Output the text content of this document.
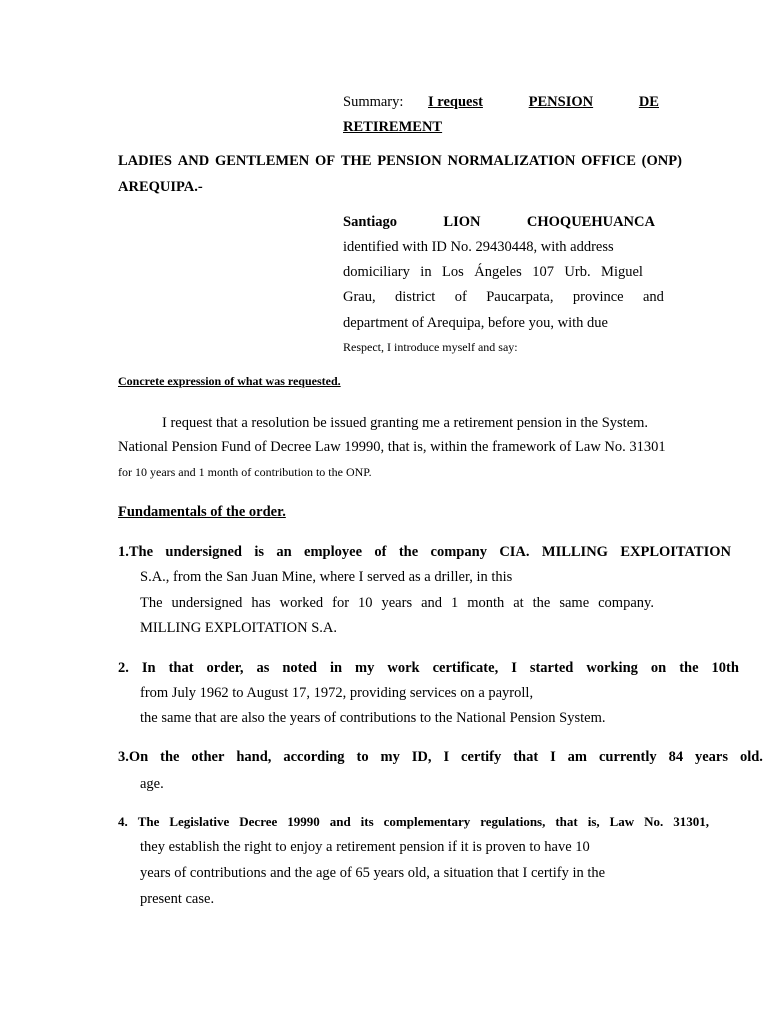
Summary: I request	PENSION	DE
RETIREMENT
LADIES AND GENTLEMEN OF THE PENSION NORMALIZATION OFFICE (ONP)
AREQUIPA.-
Santiago	LION	CHOQUEHUANCA
identified with ID No. 29430448, with address
domiciliary in Los Ángeles 107 Urb. Miguel
Grau, district of Paucarpata, province and
department of Arequipa, before you, with due
Respect, I introduce myself and say:
Concrete expression of what was requested.
I request that a resolution be issued granting me a retirement pension in the System.
National Pension Fund of Decree Law 19990, that is, within the framework of Law No. 31301
for 10 years and 1 month of contribution to the ONP.
Fundamentals of the order.
1.The undersigned is an employee of the company CIA. MILLING EXPLOITATION
S.A., from the San Juan Mine, where I served as a driller, in this
The undersigned has worked for 10 years and 1 month at the same company.
MILLING EXPLOITATION S.A.
2. In that order, as noted in my work certificate, I started working on the 10th
from July 1962 to August 17, 1972, providing services on a payroll,
the same that are also the years of contributions to the National Pension System.
3.On the other hand, according to my ID, I certify that I am currently 84 years old.
age.
4. The Legislative Decree 19990 and its complementary regulations, that is, Law No. 31301,
they establish the right to enjoy a retirement pension if it is proven to have 10
years of contributions and the age of 65 years old, a situation that I certify in the
present case.
